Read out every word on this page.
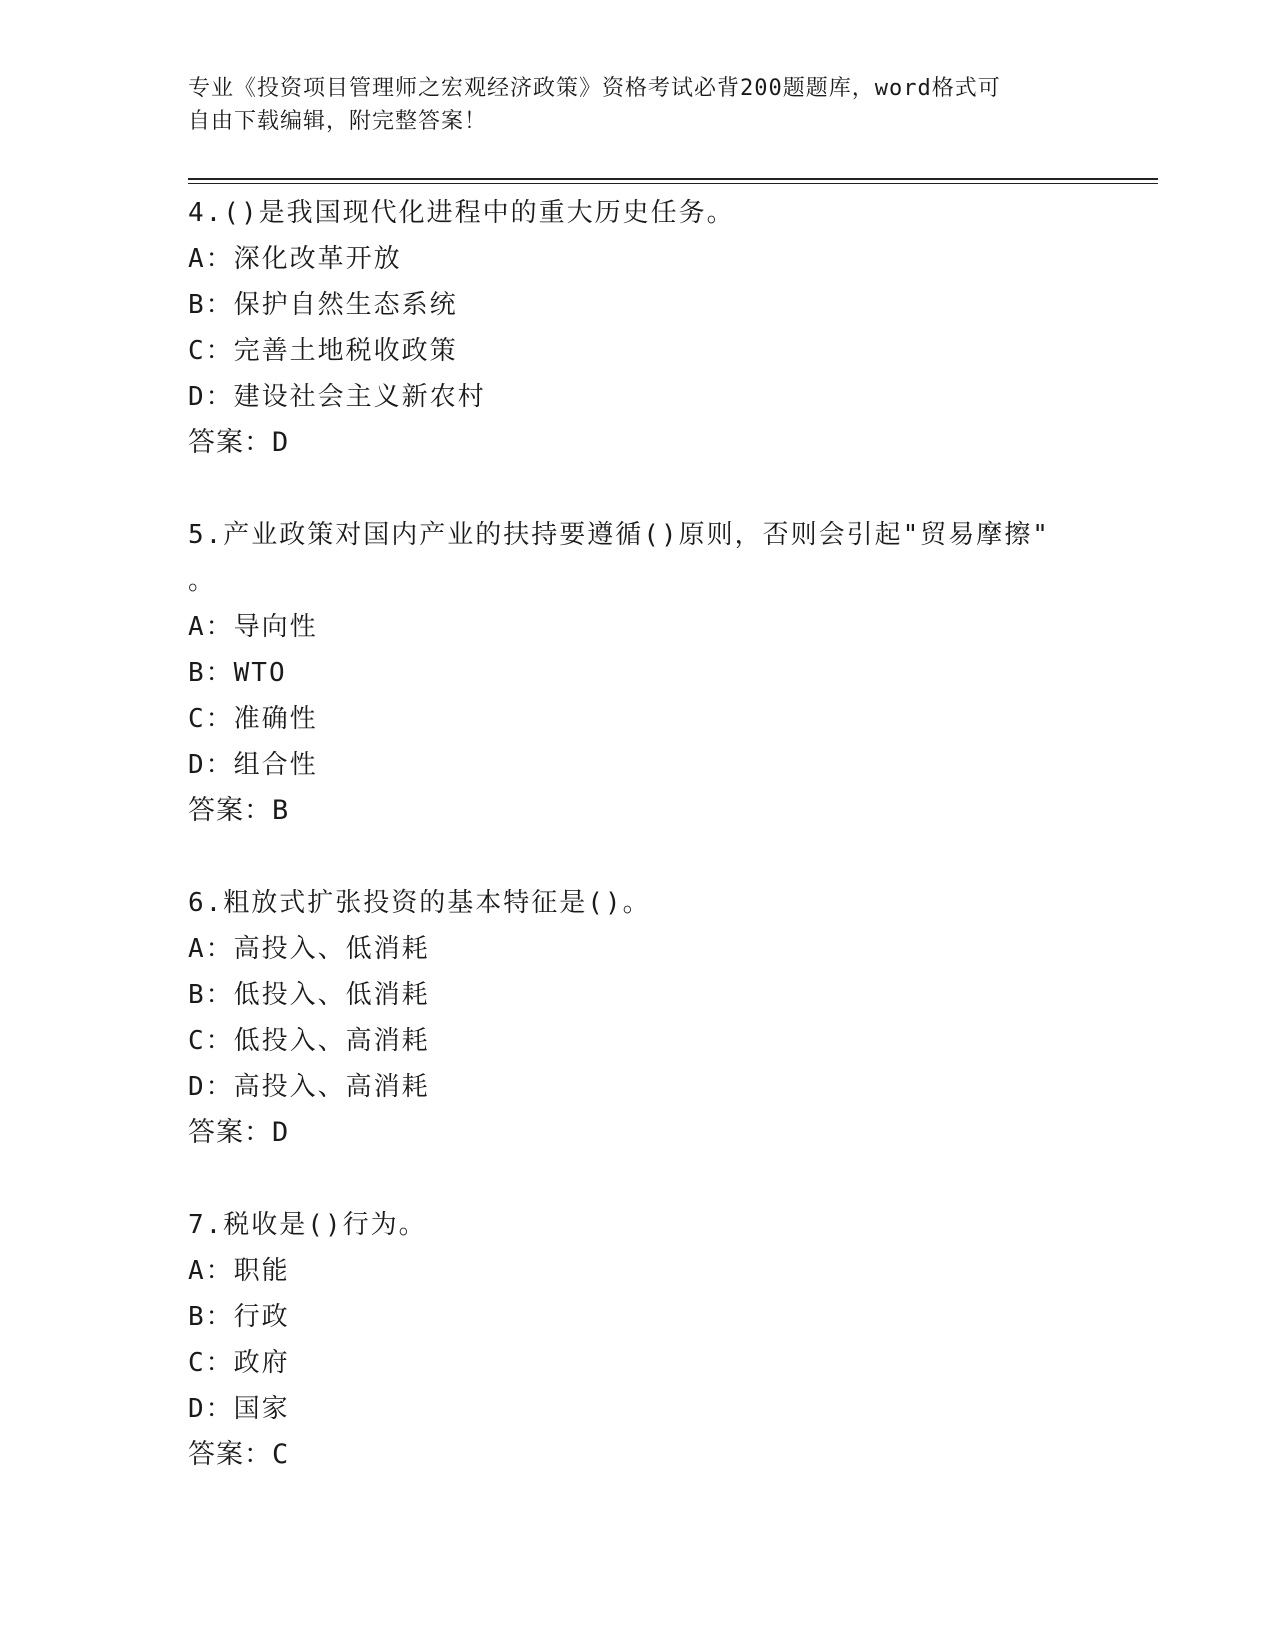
专业《投资项目管理师之宏观经济政策》资格考试必背200题题库，word格式可
自由下载编辑，附完整答案！
4.()是我国现代化进程中的重大历史任务。
A：深化改革开放
B：保护自然生态系统
C：完善土地税收政策
D：建设社会主义新农村
答案：D
5.产业政策对国内产业的扶持要遵循()原则，否则会引起"贸易摩擦"
。
A：导向性
B：WTO
C：准确性
D：组合性
答案：B
6.粗放式扩张投资的基本特征是()。
A：高投入、低消耗
B：低投入、低消耗
C：低投入、高消耗
D：高投入、高消耗
答案：D
7.税收是()行为。
A：职能
B：行政
C：政府
D：国家
答案：C
